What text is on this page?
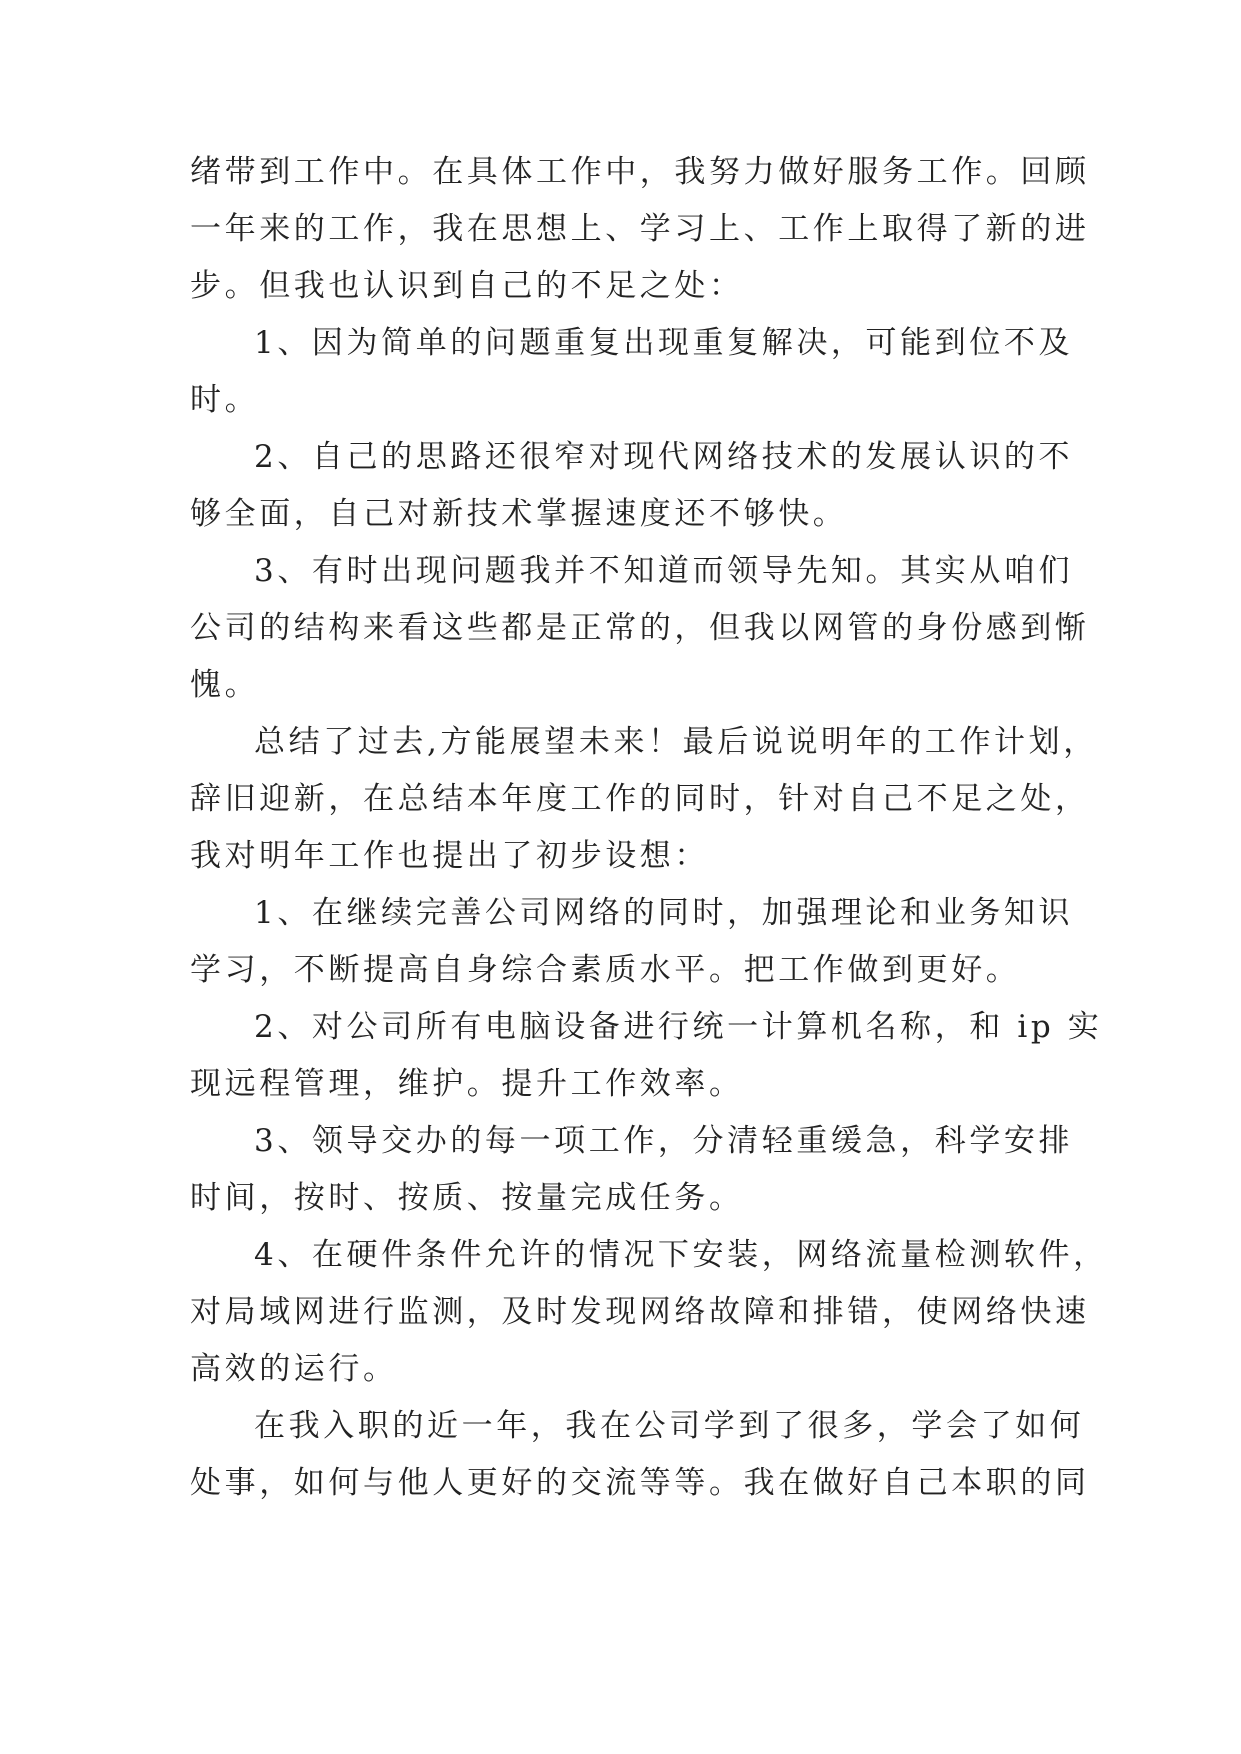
绪带到工作中。在具体工作中，我努力做好服务工作。回顾
一年来的工作，我在思想上、学习上、工作上取得了新的进
步。但我也认识到自己的不足之处：
1、因为简单的问题重复出现重复解决，可能到位不及
时。
2、自己的思路还很窄对现代网络技术的发展认识的不
够全面，自己对新技术掌握速度还不够快。
3、有时出现问题我并不知道而领导先知。其实从咱们
公司的结构来看这些都是正常的，但我以网管的身份感到惭
愧。
总结了过去,方能展望未来！最后说说明年的工作计划，
辞旧迎新，在总结本年度工作的同时，针对自己不足之处，
我对明年工作也提出了初步设想：
1、在继续完善公司网络的同时，加强理论和业务知识
学习，不断提高自身综合素质水平。把工作做到更好。
2、对公司所有电脑设备进行统一计算机名称，和 ip 实
现远程管理，维护。提升工作效率。
3、领导交办的每一项工作，分清轻重缓急，科学安排
时间，按时、按质、按量完成任务。
4、在硬件条件允许的情况下安装，网络流量检测软件，
对局域网进行监测，及时发现网络故障和排错，使网络快速
高效的运行。
在我入职的近一年，我在公司学到了很多，学会了如何
处事，如何与他人更好的交流等等。我在做好自己本职的同
